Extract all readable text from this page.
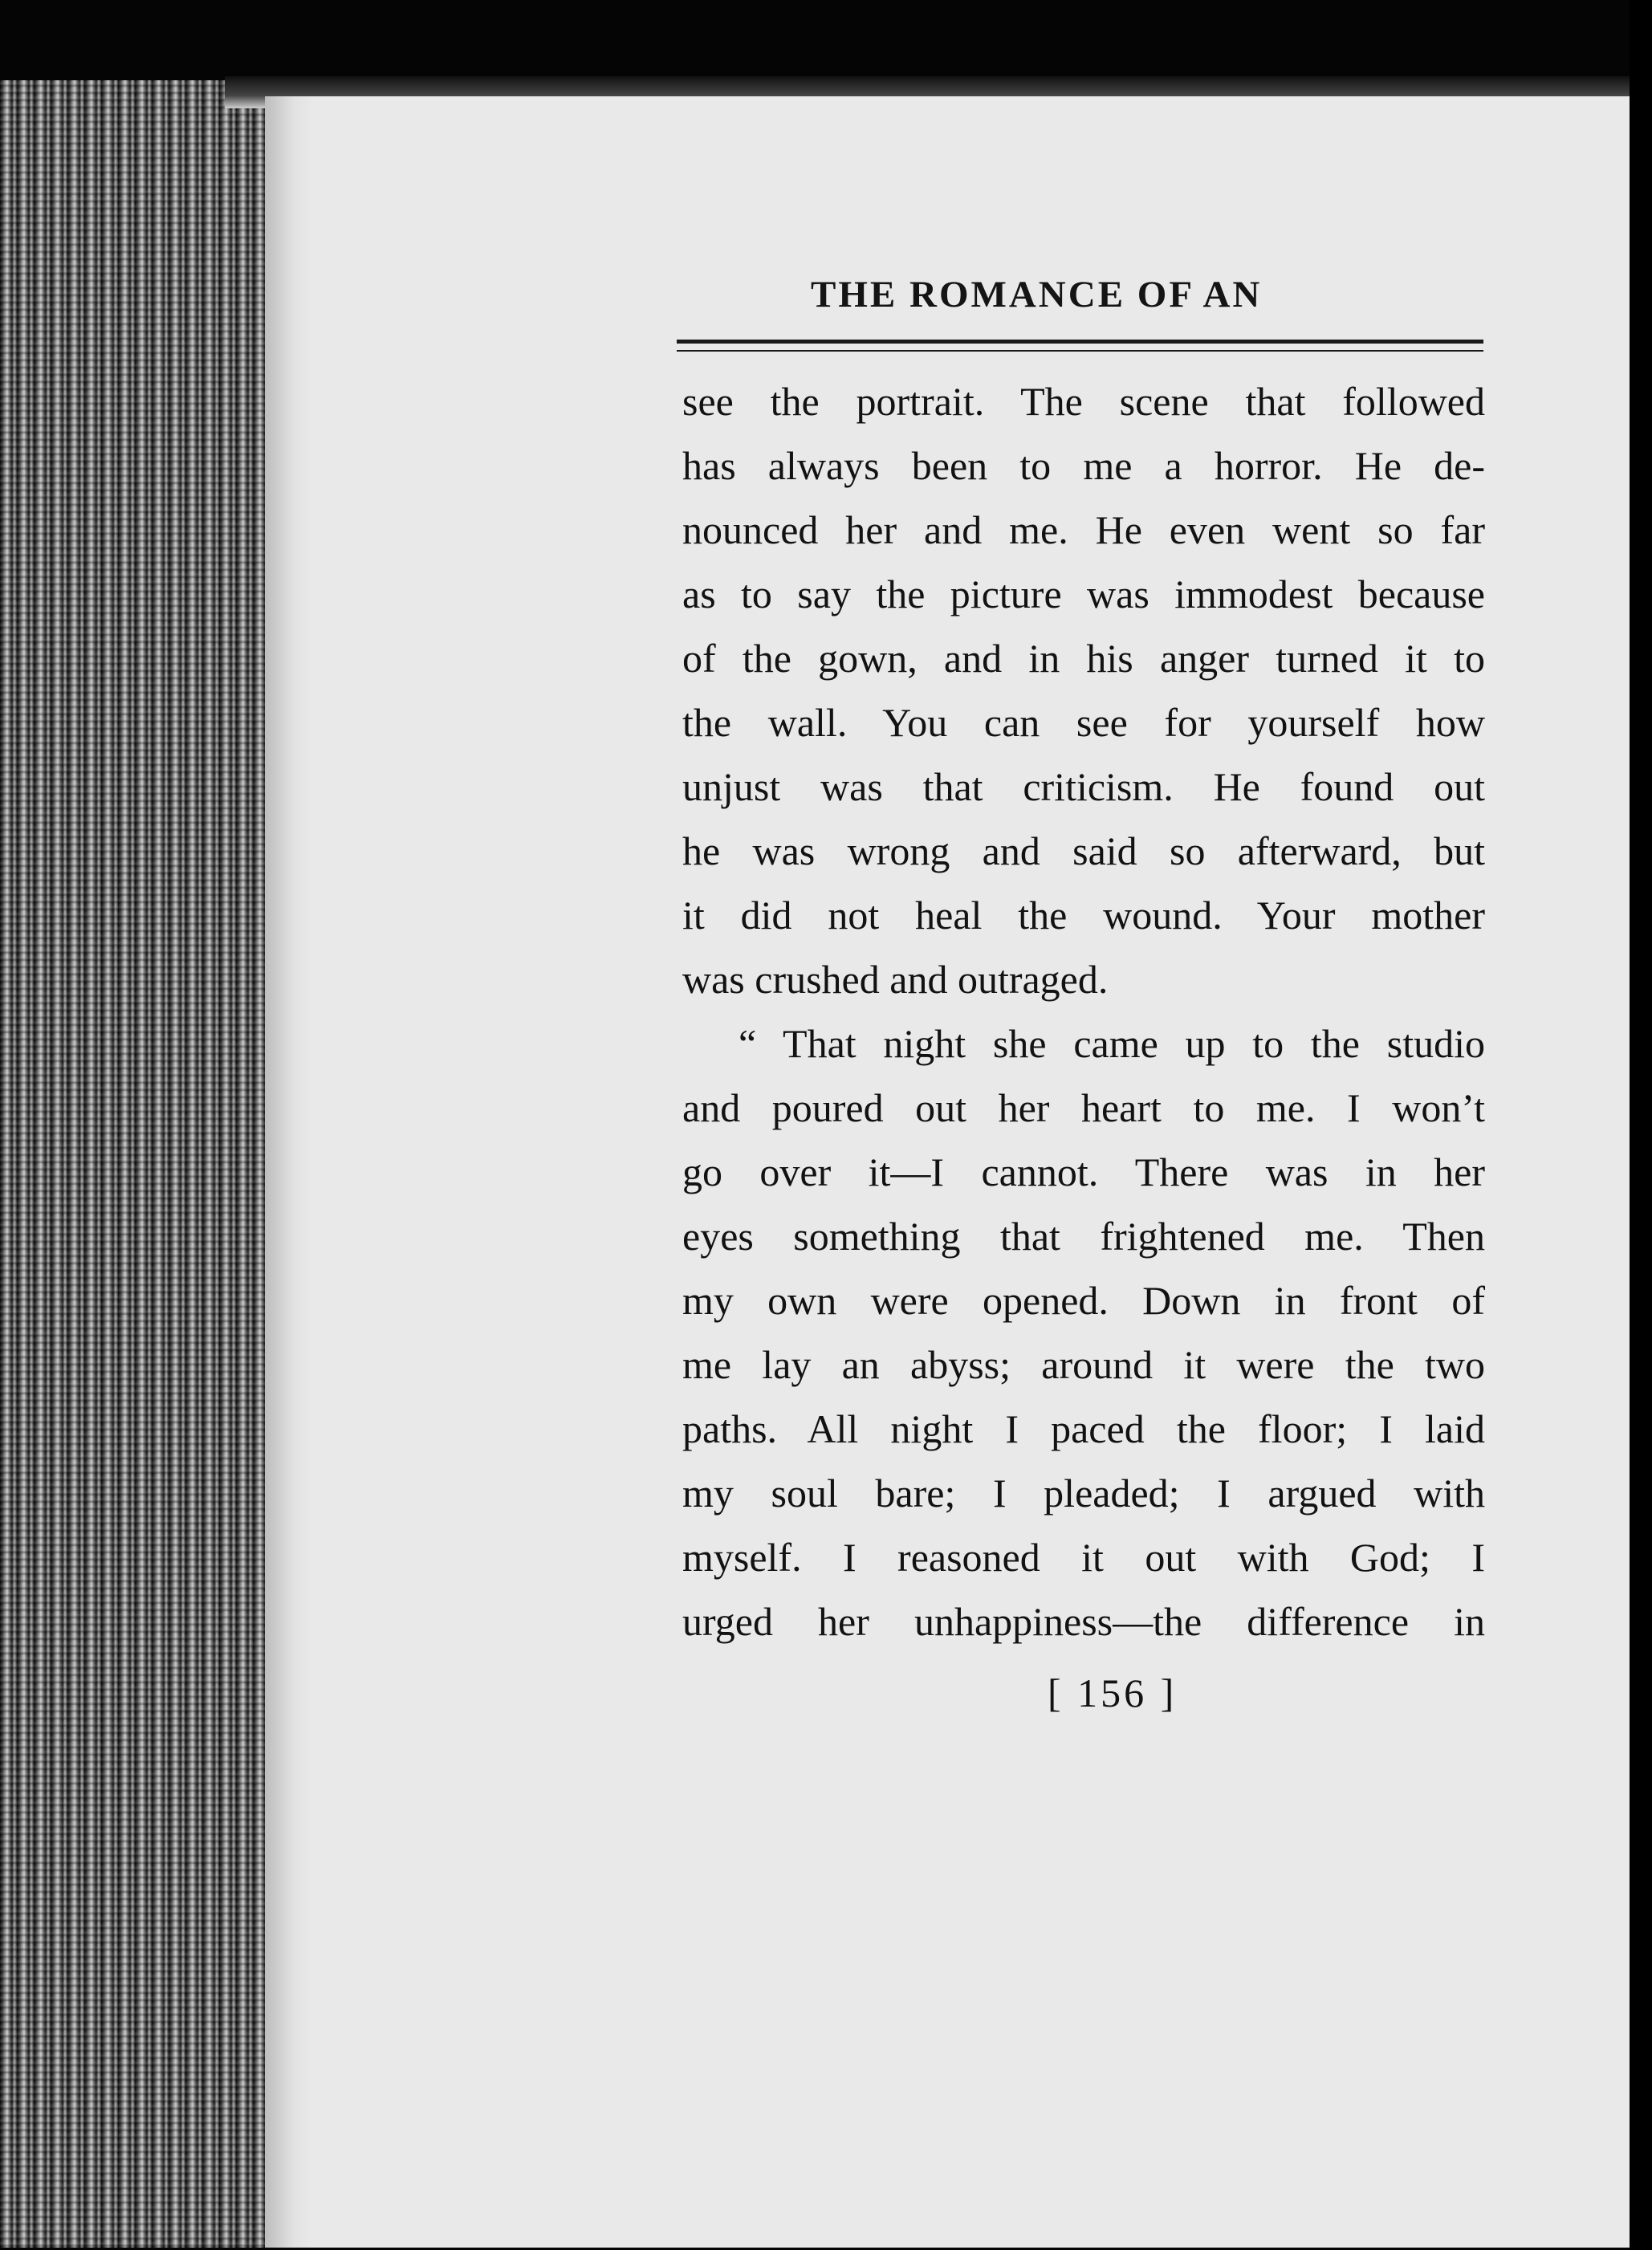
THE ROMANCE OF AN
see the portrait. The scene that followed
has always been to me a horror. He de-
nounced her and me. He even went so far
as to say the picture was immodest because
of the gown, and in his anger turned it to
the wall. You can see for yourself how
unjust was that criticism. He found out
he was wrong and said so afterward, but
it did not heal the wound. Your mother
was crushed and outraged.
“ That night she came up to the studio
and poured out her heart to me. I won’t
go over it—I cannot. There was in her
eyes something that frightened me. Then
my own were opened. Down in front of
me lay an abyss; around it were the two
paths. All night I paced the floor; I laid
my soul bare; I pleaded; I argued with
myself. I reasoned it out with God; I
urged her unhappiness—the difference in
[ 156 ]
